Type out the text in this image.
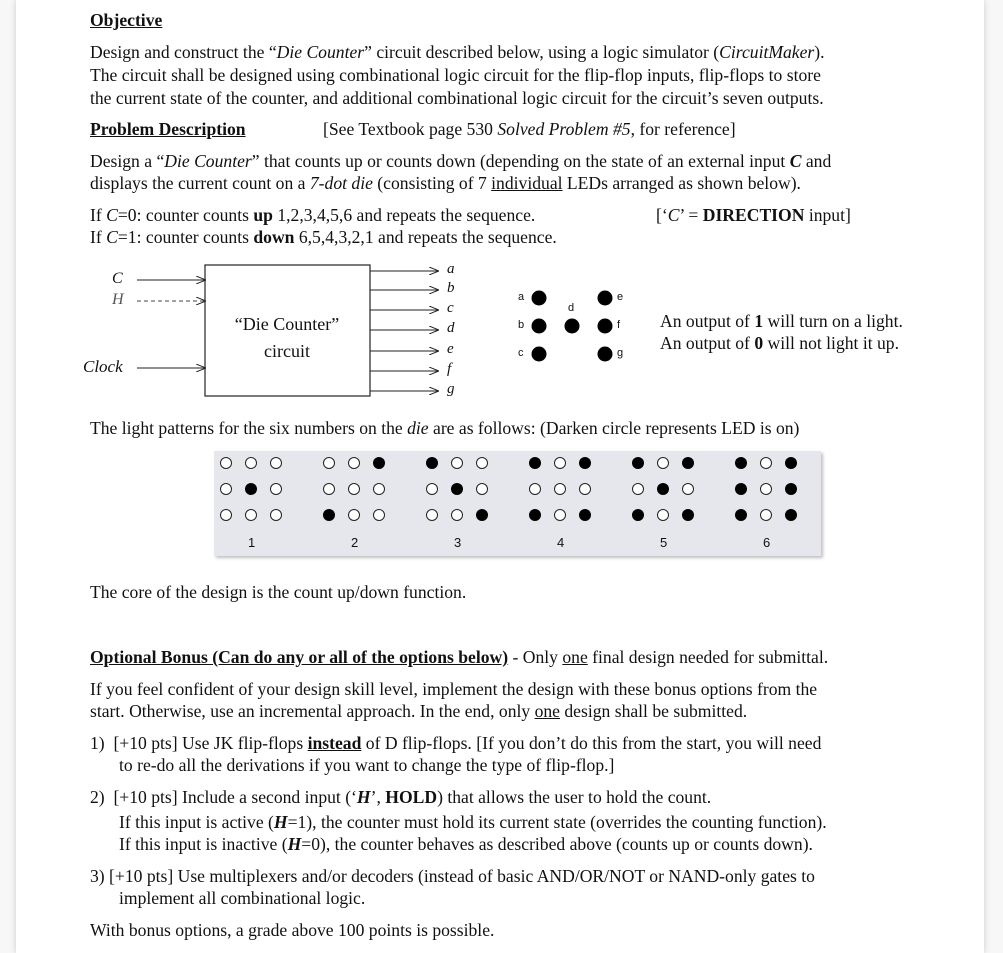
Objective
Design and construct the “Die Counter” circuit described below, using a logic simulator (CircuitMaker).
The circuit shall be designed using combinational logic circuit for the flip-flop inputs, flip-flops to store
the current state of the counter, and additional combinational logic circuit for the circuit’s seven outputs.
Problem Description	[See Textbook page 530 Solved Problem #5, for reference]
Design a “Die Counter” that counts up or counts down (depending on the state of an external input C and
displays the current count on a 7-dot die (consisting of 7 individual LEDs arranged as shown below).
If C=0: counter counts up 1,2,3,4,5,6 and repeats the sequence.
If C=1: counter counts down 6,5,4,3,2,1 and repeats the sequence.
[‘C’ = DIRECTION input]
C
H
Clock
“Die Counter”
circuit
a
b
c
d
e
f
g
a
b
c
d
e
f
g
An output of 1 will turn on a light.
An output of 0 will not light it up.
The light patterns for the six numbers on the die are as follows: (Darken circle represents LED is on)
1	2	3	4	5	6
The core of the design is the count up/down function.
Optional Bonus (Can do any or all of the options below) - Only one final design needed for submittal.
If you feel confident of your design skill level, implement the design with these bonus options from the
start. Otherwise, use an incremental approach. In the end, only one design shall be submitted.
1)  [+10 pts] Use JK flip-flops instead of D flip-flops. [If you don’t do this from the start, you will need
to re-do all the derivations if you want to change the type of flip-flop.]
2)  [+10 pts] Include a second input (‘H’, HOLD) that allows the user to hold the count.
If this input is active (H=1), the counter must hold its current state (overrides the counting function).
If this input is inactive (H=0), the counter behaves as described above (counts up or counts down).
3) [+10 pts] Use multiplexers and/or decoders (instead of basic AND/OR/NOT or NAND-only gates to
implement all combinational logic.
With bonus options, a grade above 100 points is possible.
